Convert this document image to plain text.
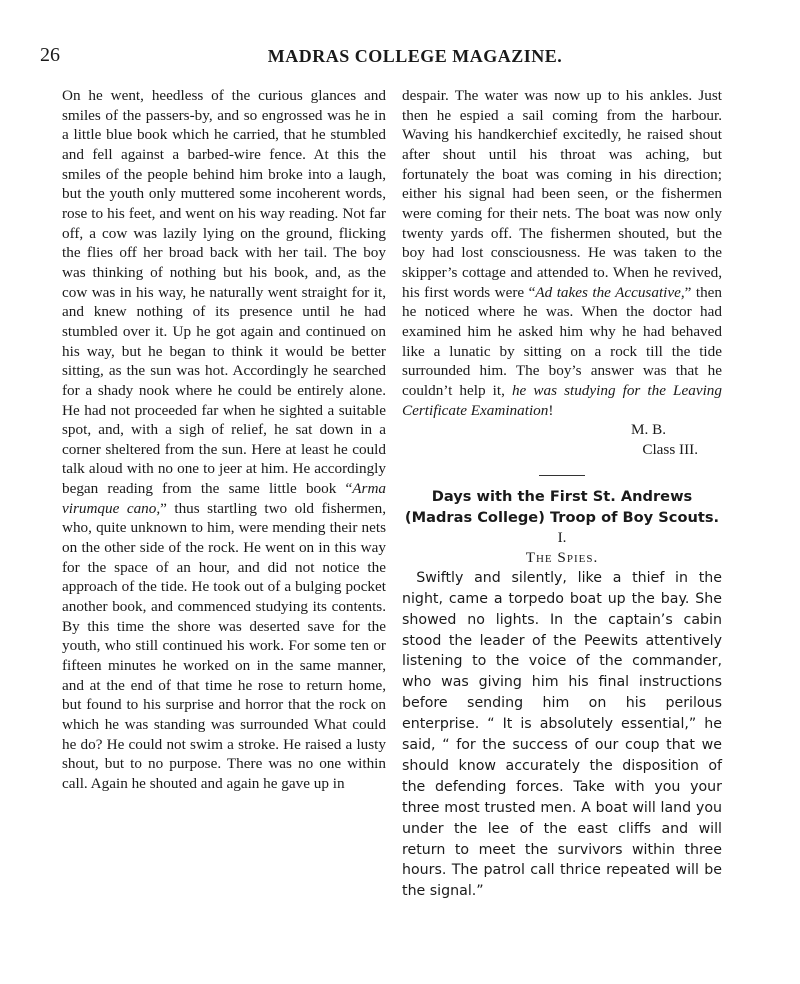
26	MADRAS COLLEGE MAGAZINE.

On he went, heedless of the curious glances and smiles of the passers-by, and so engrossed was he in a little blue book which he carried, that he stumbled and fell against a barbed-wire fence. At this the smiles of the people behind him broke into a laugh, but the youth only muttered some incoherent words, rose to his feet, and went on his way reading. Not far off, a cow was lazily lying on the ground, flicking the flies off her broad back with her tail. The boy was thinking of nothing but his book, and, as the cow was in his way, he naturally went straight for it, and knew nothing of its presence until he had stumbled over it. Up he got again and continued on his way, but he began to think it would be better sitting, as the sun was hot. Accordingly he searched for a shady nook where he could be entirely alone. He had not proceeded far when he sighted a suitable spot, and, with a sigh of relief, he sat down in a corner sheltered from the sun. Here at least he could talk aloud with no one to jeer at him. He accordingly began reading from the same little book “Arma virumque cano,” thus startling two old fishermen, who, quite unknown to him, were mending their nets on the other side of the rock. He went on in this way for the space of an hour, and did not notice the approach of the tide. He took out of a bulging pocket another book, and commenced studying its contents. By this time the shore was deserted save for the youth, who still continued his work. For some ten or fifteen minutes he worked on in the same manner, and at the end of that time he rose to return home, but found to his surprise and horror that the rock on which he was standing was surrounded What could he do? He could not swim a stroke. He raised a lusty shout, but to no purpose. There was no one within call. Again he shouted and again he gave up in

despair. The water was now up to his ankles. Just then he espied a sail coming from the harbour. Waving his handkerchief excitedly, he raised shout after shout until his throat was aching, but fortunately the boat was coming in his direction; either his signal had been seen, or the fishermen were coming for their nets. The boat was now only twenty yards off. The fishermen shouted, but the boy had lost consciousness. He was taken to the skipper’s cottage and attended to. When he revived, his first words were “Ad takes the Accusative,” then he noticed where he was. When the doctor had examined him he asked him why he had behaved like a lunatic by sitting on a rock till the tide surrounded him. The boy’s answer was that he couldn’t help it, he was studying for the Leaving Certificate Examination!

M. B.

Class III.

Days with the First St. Andrews (Madras College) Troop of Boy Scouts.

I.

The Spies.

Swiftly and silently, like a thief in the night, came a torpedo boat up the bay. She showed no lights. In the captain’s cabin stood the leader of the Peewits attentively listening to the voice of the commander, who was giving him his final instructions before sending him on his perilous enterprise. “ It is absolutely essential,” he said, “ for the success of our coup that we should know accurately the disposition of the defending forces. Take with you your three most trusted men. A boat will land you under the lee of the east cliffs and will return to meet the survivors within three hours. The patrol call thrice repeated will be the signal.”
